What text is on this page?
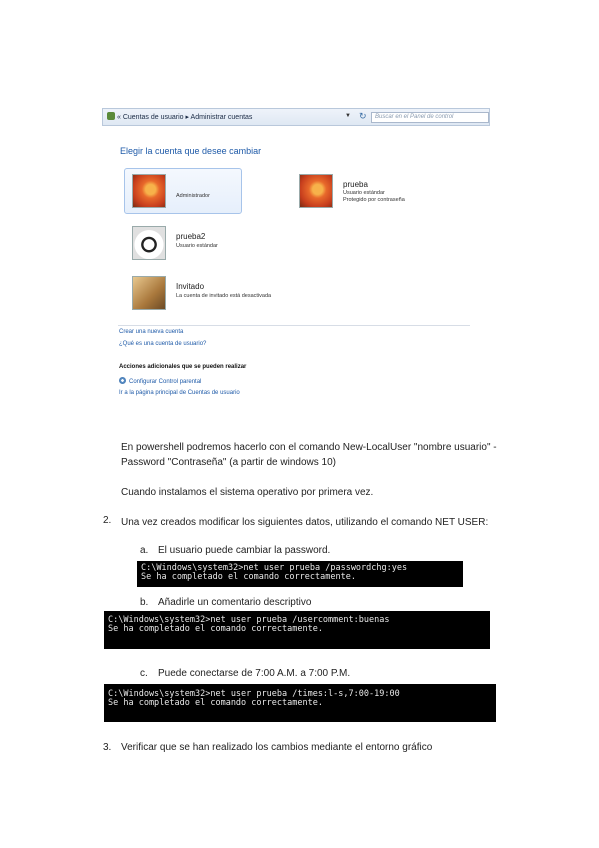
« Cuentas de usuario ▸ Administrar cuentas	▼ ↻	Buscar en el Panel de control
Elegir la cuenta que desee cambiar
Administrador
prueba
Usuario estándar
Protegido por contraseña
prueba2
Usuario estándar
Invitado
La cuenta de invitado está desactivada
Crear una nueva cuenta
¿Qué es una cuenta de usuario?
Acciones adicionales que se pueden realizar
Configurar Control parental
Ir a la página principal de Cuentas de usuario
En powershell podremos hacerlo con el comando New-LocalUser "nombre usuario" -Password "Contraseña" (a partir de windows 10)
Cuando instalamos el sistema operativo por primera vez.
2. Una vez creados modificar los siguientes datos, utilizando el comando NET USER:
a. El usuario puede cambiar la password.
C:\Windows\system32>net user prueba /passwordchg:yes
Se ha completado el comando correctamente.
b. Añadirle un comentario descriptivo
C:\Windows\system32>net user prueba /usercomment:buenas
Se ha completado el comando correctamente.
c. Puede conectarse de 7:00 A.M. a 7:00 P.M.
C:\Windows\system32>net user prueba /times:l-s,7:00-19:00
Se ha completado el comando correctamente.
3. Verificar que se han realizado los cambios mediante el entorno gráfico
